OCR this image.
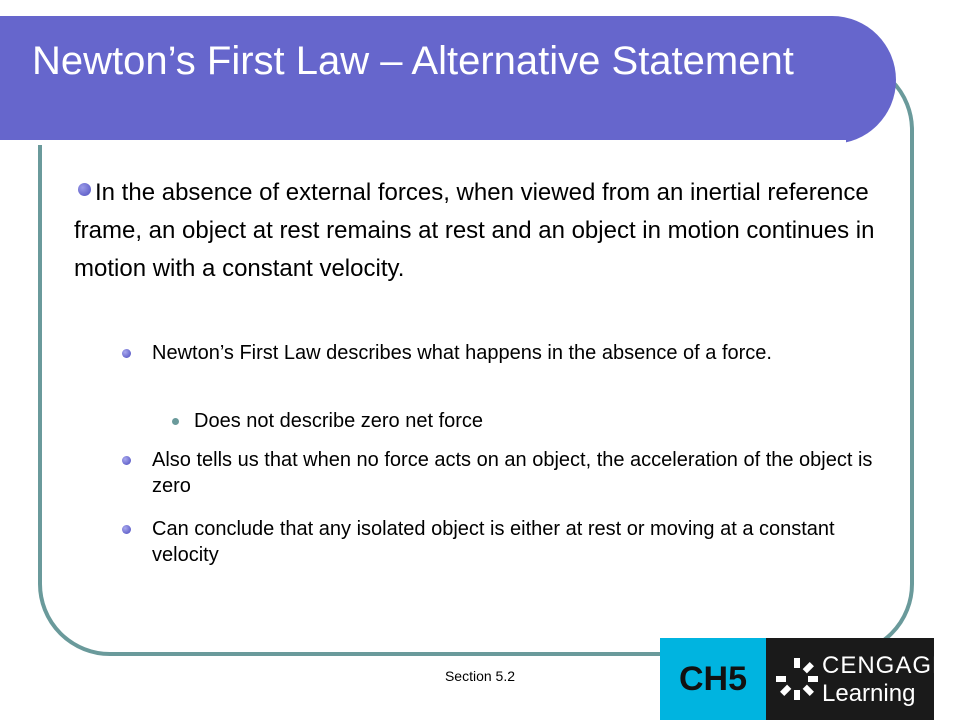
Newton’s First Law – Alternative Statement
In the absence of external forces, when viewed from an inertial reference frame, an object at rest remains at rest and an object in motion continues in motion with a constant velocity.
Newton’s First Law describes what happens in the absence of a force.
Does not describe zero net force
Also tells us that when no force acts on an object, the acceleration of the object is zero
Can conclude that any isolated object is either at rest or moving at a constant velocity
Section 5.2	CH5	CENGAGE
Learning
